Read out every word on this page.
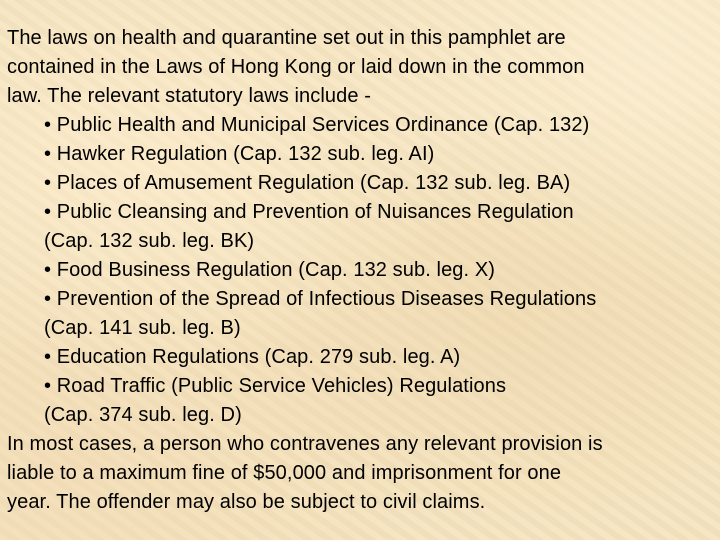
The laws on health and quarantine set out in this pamphlet are
contained in the Laws of Hong Kong or laid down in the common
law. The relevant statutory laws include -
• Public Health and Municipal Services Ordinance (Cap. 132)
• Hawker Regulation (Cap. 132 sub. leg. AI)
• Places of Amusement Regulation (Cap. 132 sub. leg. BA)
• Public Cleansing and Prevention of Nuisances Regulation
(Cap. 132 sub. leg. BK)
• Food Business Regulation (Cap. 132 sub. leg. X)
• Prevention of the Spread of Infectious Diseases Regulations
(Cap. 141 sub. leg. B)
• Education Regulations (Cap. 279 sub. leg. A)
• Road Traffic (Public Service Vehicles) Regulations
(Cap. 374 sub. leg. D)
In most cases, a person who contravenes any relevant provision is
liable to a maximum fine of $50,000 and imprisonment for one
year. The offender may also be subject to civil claims.
